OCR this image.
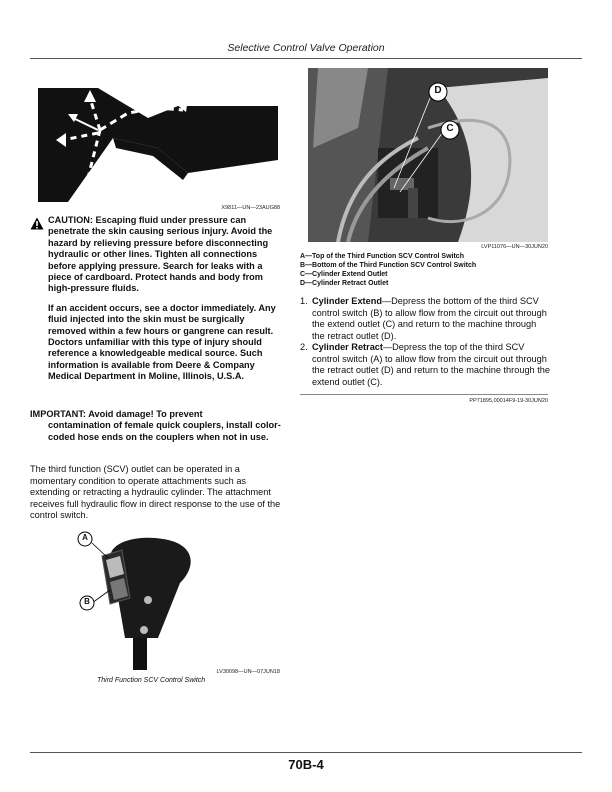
Selective Control Valve Operation
X9811—UN—23AUG88
CAUTION: Escaping fluid under pressure can penetrate the skin causing serious injury. Avoid the hazard by relieving pressure before disconnecting hydraulic or other lines. Tighten all connections before applying pressure. Search for leaks with a piece of cardboard. Protect hands and body from high-pressure fluids.
If an accident occurs, see a doctor immediately. Any fluid injected into the skin must be surgically removed within a few hours or gangrene can result. Doctors unfamiliar with this type of injury should reference a knowledgeable medical source. Such information is available from Deere & Company Medical Department in Moline, Illinois, U.S.A.
IMPORTANT: Avoid damage! To prevent
contamination of female quick couplers, install color-coded hose ends on the couplers when not in use.
The third function (SCV) outlet can be operated in a momentary condition to operate attachments such as extending or retracting a hydraulic cylinder. The attachment receives full hydraulic flow in direct response to the use of the control switch.
A
B
LV30098—UN—07JUN18
Third Function SCV Control Switch
D
C
LVP11076—UN—30JUN20
A—Top of the Third Function SCV Control Switch
B—Bottom of the Third Function SCV Control Switch
C—Cylinder Extend Outlet
D—Cylinder Retract Outlet
1. Cylinder Extend—Depress the bottom of the third SCV control switch (B) to allow flow from the circuit out through the extend outlet (C) and return to the machine through the retract outlet (D).
2. Cylinder Retract—Depress the top of the third SCV control switch (A) to allow flow from the circuit out through the retract outlet (D) and return to the machine through the extend outlet (C).
PP71895,00014F9-19-30JUN20
70B-4
